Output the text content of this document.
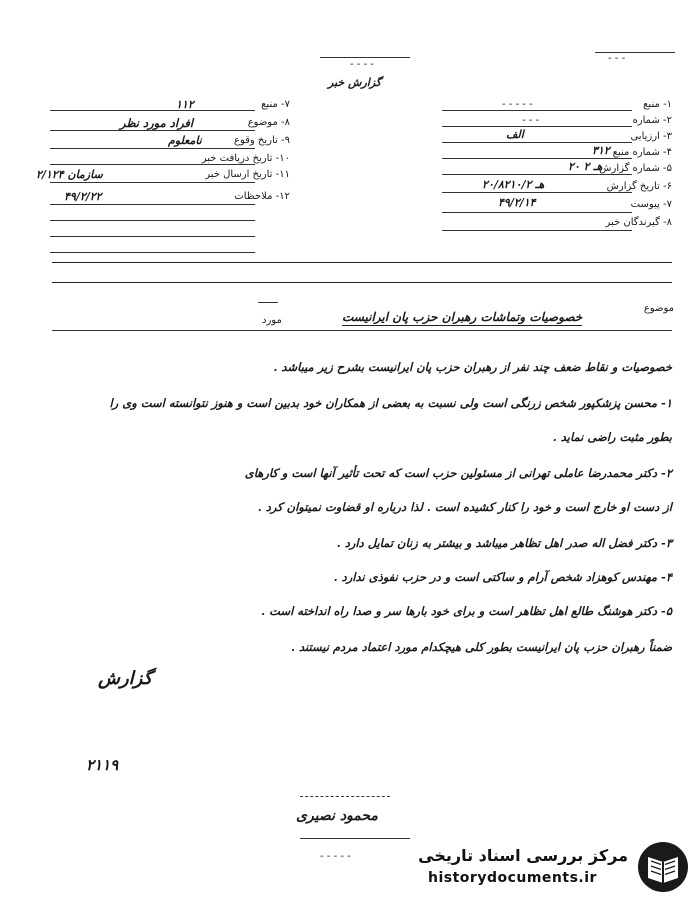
- - -
- - - -
گزارش خبر
۱- منبع
- - - - -
۲- شماره
- - -
۳- ارزیابی
الف
۴- شماره منبع
۳۱۲
۵- شماره گزارش
۲۰ هـ ۲
۶- تاریخ گزارش
۲۰/۸۲۱۰/هـ ۲
۷- پیوست
۴۹/۲/۱۴
۸- گیرندگان خبر
۷- منبع
۱۱۲
۸- موضوع
افراد مورد نظر
۹- تاریخ وقوع
نامعلوم
۱۰- تاریخ دریافت خبر
۱۱- تاریخ ارسال خبر
سازمان ۲/۱۲۴
۱۲- ملاحظات
۴۹/۲/۲۲
موضوع
خصوصیات وتماشات رهبران حزب پان ایرانیست
مورد
خصوصیات و نقاط ضعف چند نفر از رهبران حزب پان ایرانیست بشرح زیر میباشد .
۱- محسن پزشکپور شخص زرنگی است ولی نسبت به بعضی از همکاران خود بدبین است و هنوز نتوانسته است وی را
بطور مثبت راضی نماید .
۲- دکتر محمدرضا عاملی تهرانی از مسئولین حزب است که تحت تأثیر آنها است و کارهای
از دست او خارج است و خود را کنار کشیده است . لذا درباره او قضاوت نمیتوان کرد .
۳- دکتر فضل اله صدر اهل تظاهر میباشد و بیشتر به زنان تمایل دارد .
۴- مهندس کوهزاد شخص آرام و ساکتی است و در حزب نفوذی ندارد .
۵- دکتر هوشنگ طالع اهل تظاهر است و برای خود بارها سر و صدا راه انداخته است .
ضمناً رهبران حزب پان ایرانیست بطور کلی هیچکدام مورد اعتماد مردم نیستند .
گزارش
۲۱۱۹
محمود نصیری
- - - - -	مرکز بررسی اسناد تاریخی
historydocuments.ir
